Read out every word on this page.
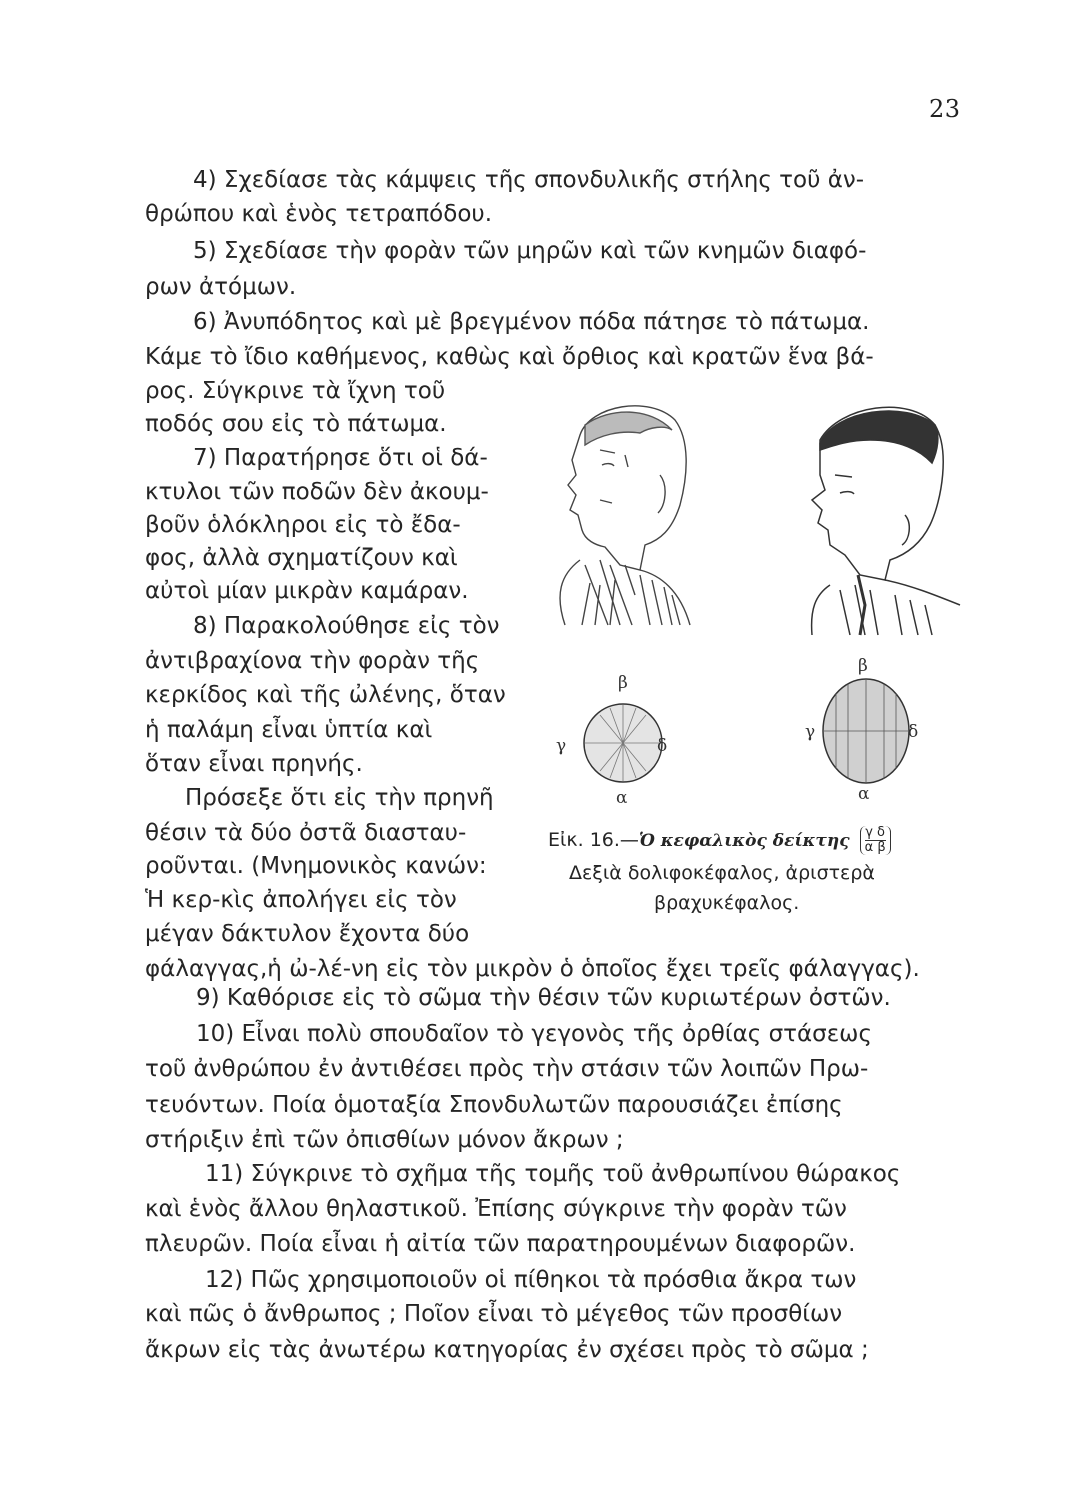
23
4) Σχεδίασε τὰς κάμψεις τῆς σπονδυλικῆς στήλης τοῦ ἀν-
θρώπου καὶ ἑνὸς τετραπόδου.
5) Σχεδίασε τὴν φορὰν τῶν μηρῶν καὶ τῶν κνημῶν διαφό-
ρων ἀτόμων.
6) Ἀνυπόδητος καὶ μὲ βρεγμένον πόδα πάτησε τὸ πάτωμα.
Κάμε τὸ ἴδιο καθήμενος, καθὼς καὶ ὄρθιος καὶ κρατῶν ἕνα βά-
ρος. Σύγκρινε τὰ ἴχνη τοῦ
ποδός σου εἰς τὸ πάτωμα.
7) Παρατήρησε ὅτι οἱ δά-
κτυλοι τῶν ποδῶν δὲν ἀκουμ-
βοῦν ὁλόκληροι εἰς τὸ ἔδα-
φος, ἀλλὰ σχηματίζουν καὶ
αὐτοὶ μίαν μικρὰν καμάραν.
8) Παρακολούθησε εἰς τὸν
ἀντιβραχίονα τὴν φορὰν τῆς
κερκίδος καὶ τῆς ὠλένης, ὅταν
ἡ παλάμη εἶναι ὑπτία καὶ
ὅταν εἶναι πρηνής.
Πρόσεξε ὅτι εἰς τὴν πρηνῆ
θέσιν τὰ δύο ὀστᾶ διασταυ-
ροῦνται. (Μνημονικὸς κανών:
Ἡ κερ-κὶς ἀπολήγει εἰς τὸν
μέγαν δάκτυλον ἔχοντα δύο
φάλαγγας,ἡ ὠ-λέ-νη εἰς τὸν μικρὸν ὁ ὁποῖος ἔχει τρεῖς φάλαγγας).
9) Καθόρισε εἰς τὸ σῶμα τὴν θέσιν τῶν κυριωτέρων ὀστῶν.
10) Εἶναι πολὺ σπουδαῖον τὸ γεγονὸς τῆς ὀρθίας στάσεως
τοῦ ἀνθρώπου ἐν ἀντιθέσει πρὸς τὴν στάσιν τῶν λοιπῶν Πρω-
τευόντων. Ποία ὁμοταξία Σπονδυλωτῶν παρουσιάζει ἐπίσης
στήριξιν ἐπὶ τῶν ὀπισθίων μόνον ἄκρων ;
11) Σύγκρινε τὸ σχῆμα τῆς τομῆς τοῦ ἀνθρωπίνου θώρακος
καὶ ἑνὸς ἄλλου θηλαστικοῦ. Ἐπίσης σύγκρινε τὴν φορὰν τῶν
πλευρῶν. Ποία εἶναι ἡ αἰτία τῶν παρατηρουμένων διαφορῶν.
12) Πῶς χρησιμοποιοῦν οἱ πίθηκοι τὰ πρόσθια ἄκρα των
καὶ πῶς ὁ ἄνθρωπος ; Ποῖον εἶναι τὸ μέγεθος τῶν προσθίων
ἄκρων εἰς τὰς ἀνωτέρω κατηγορίας ἐν σχέσει πρὸς τὸ σῶμα ;
β
γ	δ
α
β
γ	δ
α
Εἰκ. 16.—Ὁ κεφαλικὸς δείκτης $\frac{\text{γ δ}}{\text{α β}}$
Δεξιὰ δολιφοκέφαλος, ἀριστερὰ
βραχυκέφαλος.
